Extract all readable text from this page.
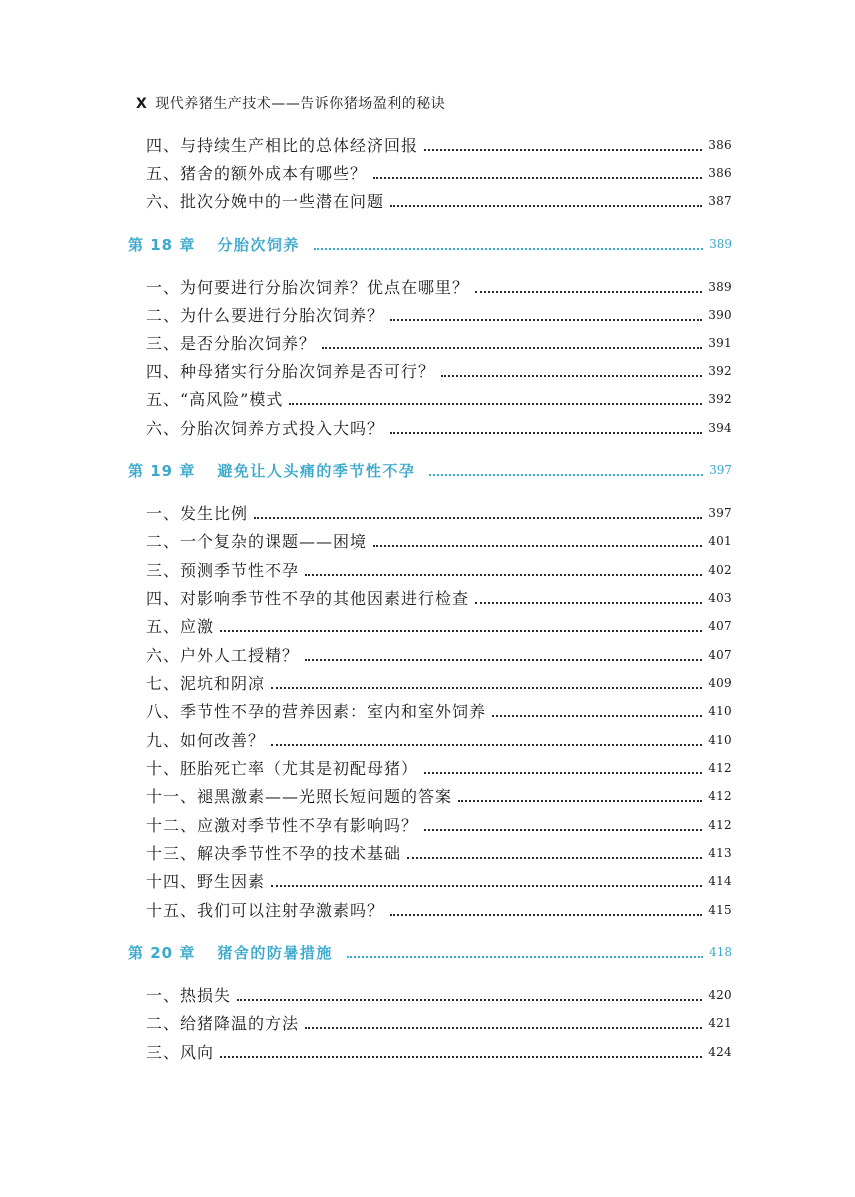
X 现代养猪生产技术——告诉你猪场盈利的秘诀
四、与持续生产相比的总体经济回报	386
五、猪舍的额外成本有哪些？	386
六、批次分娩中的一些潜在问题	387
第 18 章 分胎次饲养	389
一、为何要进行分胎次饲养？优点在哪里？	389
二、为什么要进行分胎次饲养？	390
三、是否分胎次饲养？	391
四、种母猪实行分胎次饲养是否可行？	392
五、“高风险”模式	392
六、分胎次饲养方式投入大吗？	394
第 19 章 避免让人头痛的季节性不孕	397
一、发生比例	397
二、一个复杂的课题——困境	401
三、预测季节性不孕	402
四、对影响季节性不孕的其他因素进行检查	403
五、应激	407
六、户外人工授精？	407
七、泥坑和阴凉	409
八、季节性不孕的营养因素：室内和室外饲养	410
九、如何改善？	410
十、胚胎死亡率（尤其是初配母猪）	412
十一、褪黑激素——光照长短问题的答案	412
十二、应激对季节性不孕有影响吗？	412
十三、解决季节性不孕的技术基础	413
十四、野生因素	414
十五、我们可以注射孕激素吗？	415
第 20 章 猪舍的防暑措施	418
一、热损失	420
二、给猪降温的方法	421
三、风向	424
